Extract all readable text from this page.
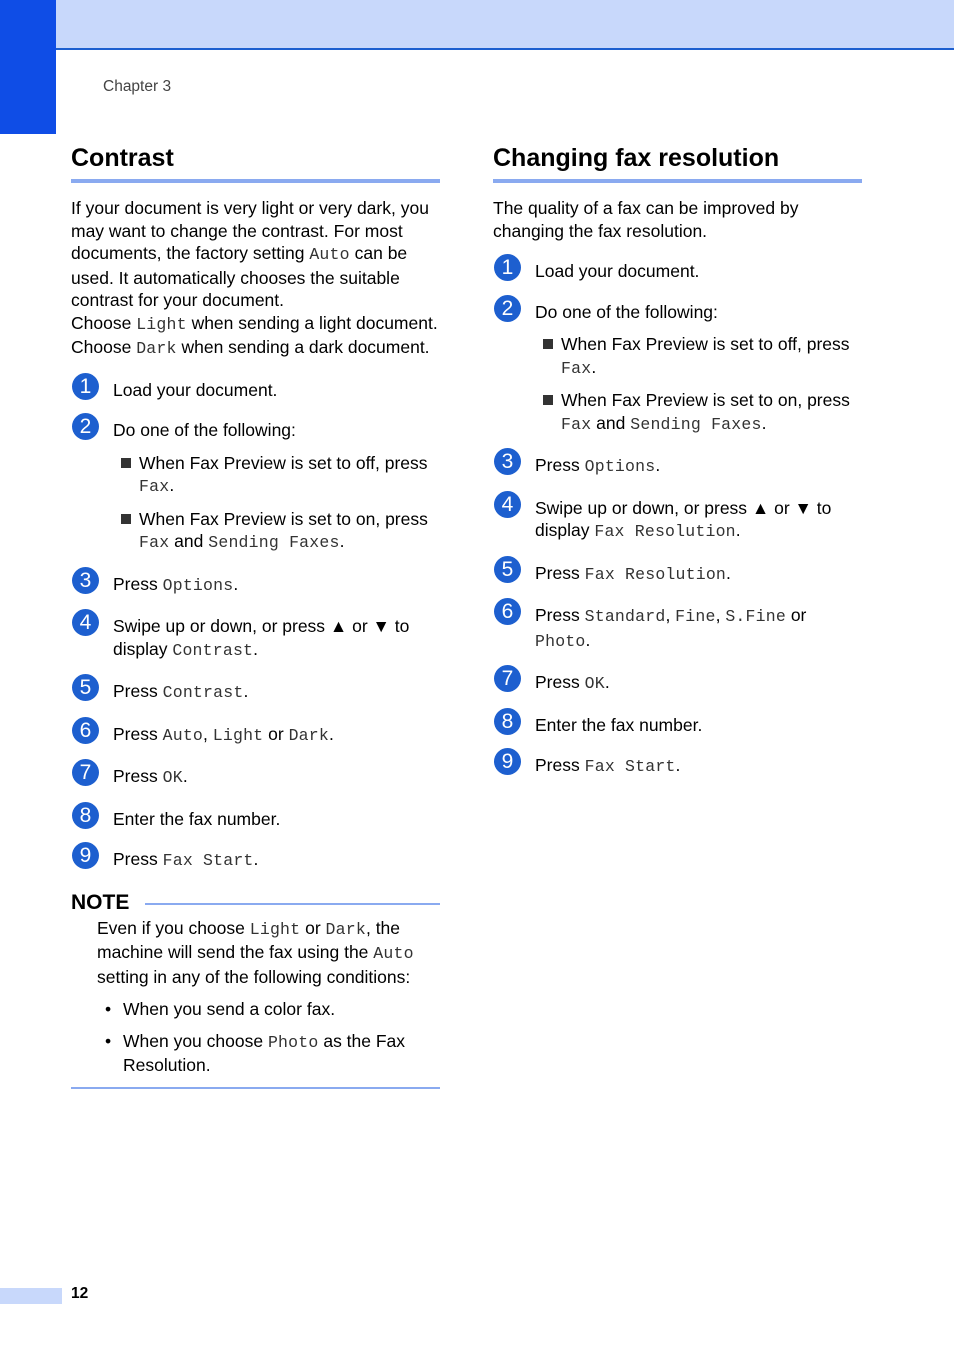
Chapter 3
Contrast

If your document is very light or very dark, you may want to change the contrast. For most documents, the factory setting Auto can be used. It automatically chooses the suitable contrast for your document.
Choose Light when sending a light document. Choose Dark when sending a dark document.

1	Load your document.
2	Do one of the following:
When Fax Preview is set to off, press Fax.
When Fax Preview is set to on, press Fax and Sending Faxes.
3	Press Options.
4	Swipe up or down, or press ▲ or ▼ to display Contrast.
5	Press Contrast.
6	Press Auto, Light or Dark.
7	Press OK.
8	Enter the fax number.
9	Press Fax Start.
NOTE
Even if you choose Light or Dark, the machine will send the fax using the Auto setting in any of the following conditions:
• When you send a color fax.
• When you choose Photo as the Fax Resolution.
Changing fax resolution

The quality of a fax can be improved by changing the fax resolution.

1	Load your document.
2	Do one of the following:
When Fax Preview is set to off, press Fax.
When Fax Preview is set to on, press Fax and Sending Faxes.
3	Press Options.
4	Swipe up or down, or press ▲ or ▼ to display Fax Resolution.
5	Press Fax Resolution.
6	Press Standard, Fine, S.Fine or Photo.
7	Press OK.
8	Enter the fax number.
9	Press Fax Start.
12
